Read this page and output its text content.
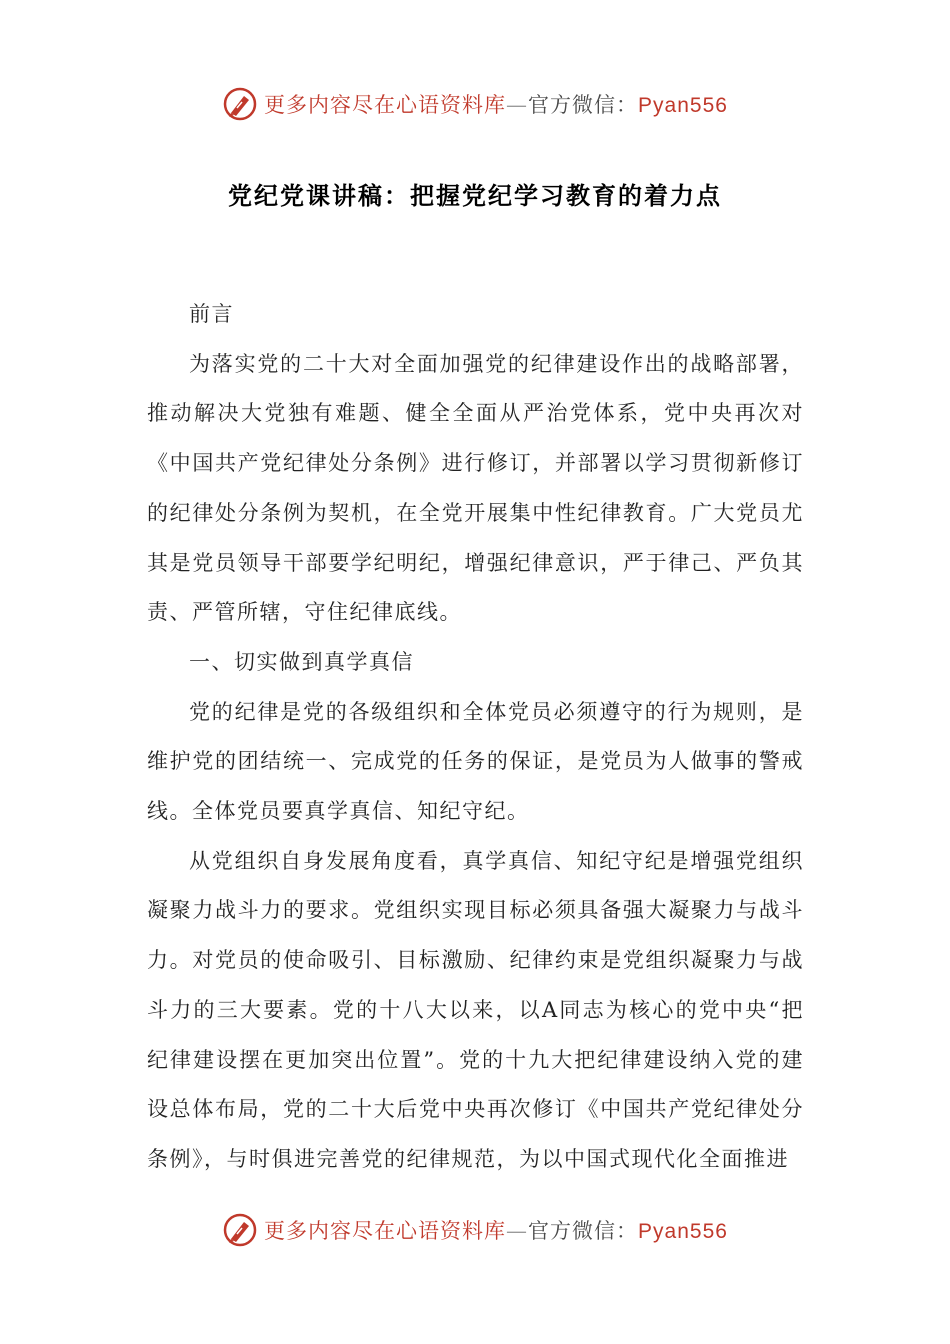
更多内容尽在心语资料库—官方微信：Pyan556
党纪党课讲稿：把握党纪学习教育的着力点

前言

为落实党的二十大对全面加强党的纪律建设作出的战略部署，推动解决大党独有难题、健全全面从严治党体系，党中央再次对《中国共产党纪律处分条例》进行修订，并部署以学习贯彻新修订的纪律处分条例为契机，在全党开展集中性纪律教育。广大党员尤其是党员领导干部要学纪明纪，增强纪律意识，严于律己、严负其责、严管所辖，守住纪律底线。

一、切实做到真学真信

党的纪律是党的各级组织和全体党员必须遵守的行为规则，是维护党的团结统一、完成党的任务的保证，是党员为人做事的警戒线。全体党员要真学真信、知纪守纪。

从党组织自身发展角度看，真学真信、知纪守纪是增强党组织凝聚力战斗力的要求。党组织实现目标必须具备强大凝聚力与战斗力。对党员的使命吸引、目标激励、纪律约束是党组织凝聚力与战斗力的三大要素。党的十八大以来，以A同志为核心的党中央“把纪律建设摆在更加突出位置”。党的十九大把纪律建设纳入党的建设总体布局，党的二十大后党中央再次修订《中国共产党纪律处分条例》，与时俱进完善党的纪律规范，为以中国式现代化全面推进

更多内容尽在心语资料库—官方微信：Pyan556
